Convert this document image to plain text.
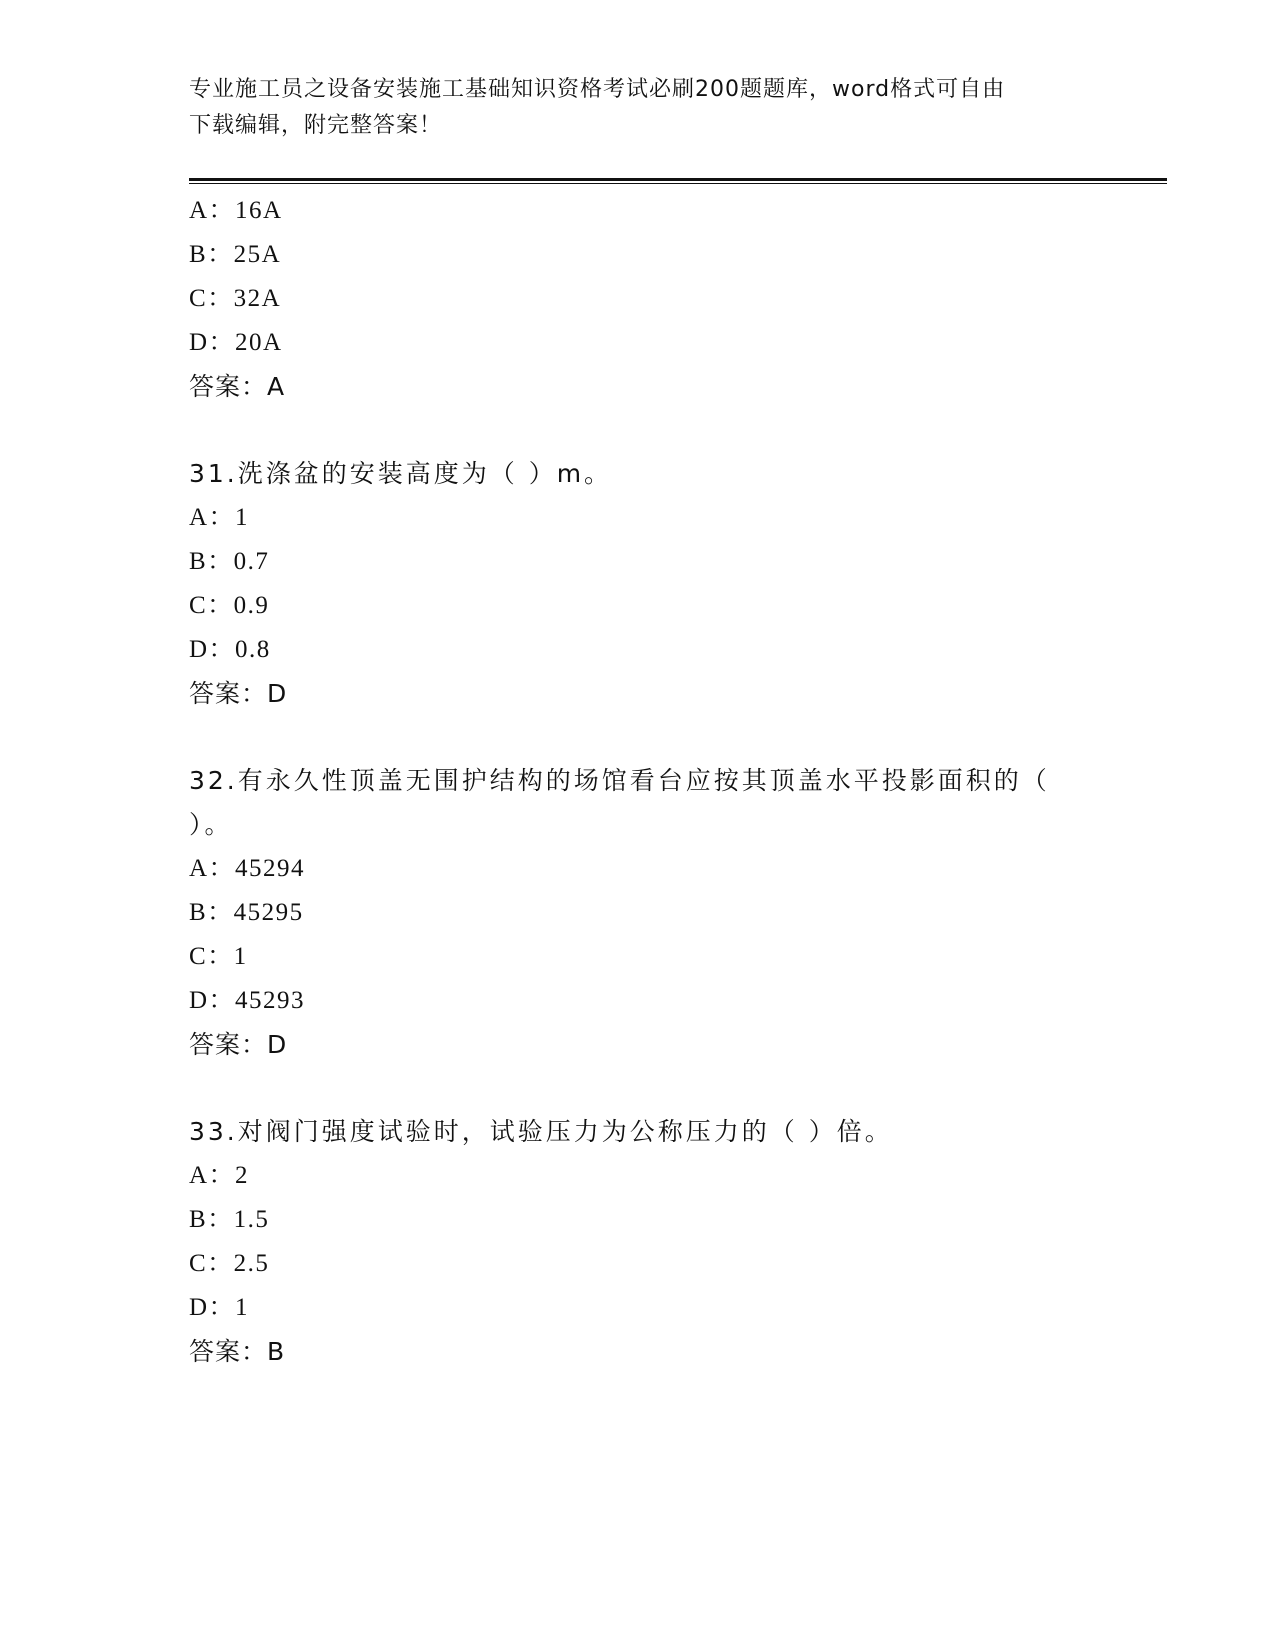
专业施工员之设备安装施工基础知识资格考试必刷200题题库，word格式可自由
下载编辑，附完整答案！
A：16A
B：25A
C：32A
D：20A
答案：A
31.洗涤盆的安装高度为（ ）m。
A：1
B：0.7
C：0.9
D：0.8
答案：D
32.有永久性顶盖无围护结构的场馆看台应按其顶盖水平投影面积的（
）。
A：45294
B：45295
C：1
D：45293
答案：D
33.对阀门强度试验时，试验压力为公称压力的（ ）倍。
A：2
B：1.5
C：2.5
D：1
答案：B
